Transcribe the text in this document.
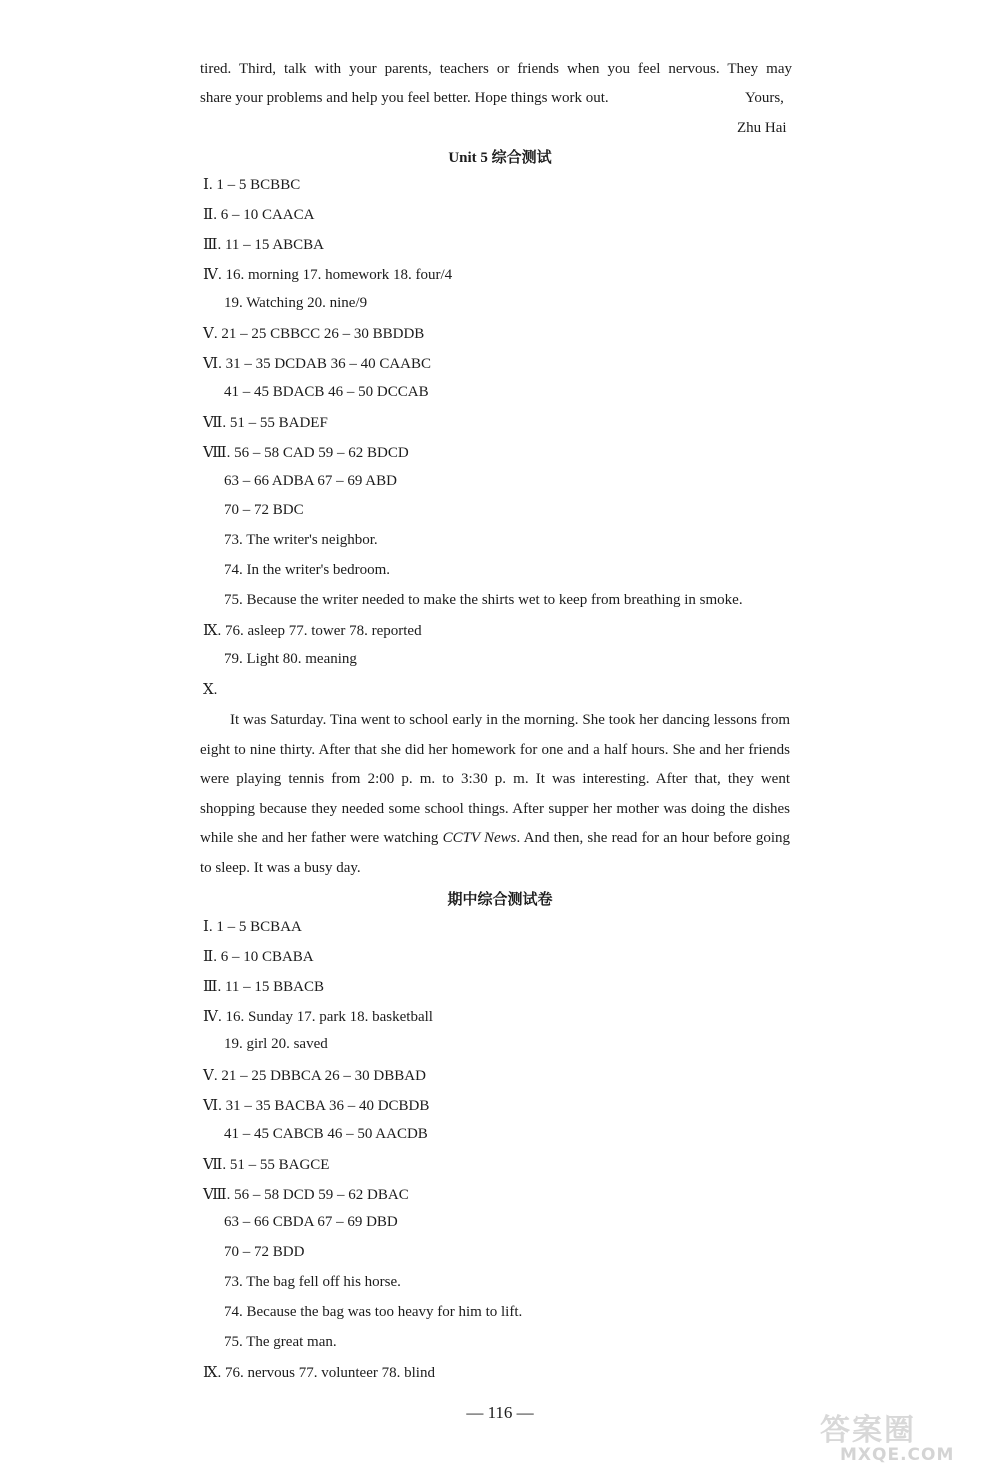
tired. Third, talk with your parents, teachers or friends when you feel nervous. They may
share your problems and help you feel better. Hope things work out.	Yours,
Zhu Hai
Unit 5 综合测试
Ⅰ. 1 – 5 BCBBC
Ⅱ. 6 – 10 CAACA
Ⅲ. 11 – 15 ABCBA
Ⅳ. 16. morning 17. homework 18. four/4
19. Watching 20. nine/9
Ⅴ. 21 – 25 CBBCC 26 – 30 BBDDB
Ⅵ. 31 – 35 DCDAB 36 – 40 CAABC
41 – 45 BDACB 46 – 50 DCCAB
Ⅶ. 51 – 55 BADEF
Ⅷ. 56 – 58 CAD 59 – 62 BDCD
63 – 66 ADBA 67 – 69 ABD
70 – 72 BDC
73. The writer's neighbor.
74. In the writer's bedroom.
75. Because the writer needed to make the shirts wet to keep from breathing in smoke.
Ⅸ. 76. asleep 77. tower 78. reported
79. Light 80. meaning
Ⅹ.

It was Saturday. Tina went to school early in the morning. She took her dancing lessons from eight to nine thirty. After that she did her homework for one and a half hours. She and her friends were playing tennis from 2:00 p. m. to 3:30 p. m. It was interesting. After that, they went shopping because they needed some school things. After supper her mother was doing the dishes while she and her father were watching CCTV News. And then, she read for an hour before going to sleep. It was a busy day.

期中综合测试卷
Ⅰ. 1 – 5 BCBAA
Ⅱ. 6 – 10 CBABA
Ⅲ. 11 – 15 BBACB
Ⅳ. 16. Sunday 17. park 18. basketball
19. girl 20. saved
Ⅴ. 21 – 25 DBBCA 26 – 30 DBBAD
Ⅵ. 31 – 35 BACBA 36 – 40 DCBDB
41 – 45 CABCB 46 – 50 AACDB
Ⅶ. 51 – 55 BAGCE
Ⅷ. 56 – 58 DCD 59 – 62 DBAC
63 – 66 CBDA 67 – 69 DBD
70 – 72 BDD
73. The bag fell off his horse.
74. Because the bag was too heavy for him to lift.
75. The great man.
Ⅸ. 76. nervous 77. volunteer 78. blind
— 116 —
答案圈
MXQE.COM
